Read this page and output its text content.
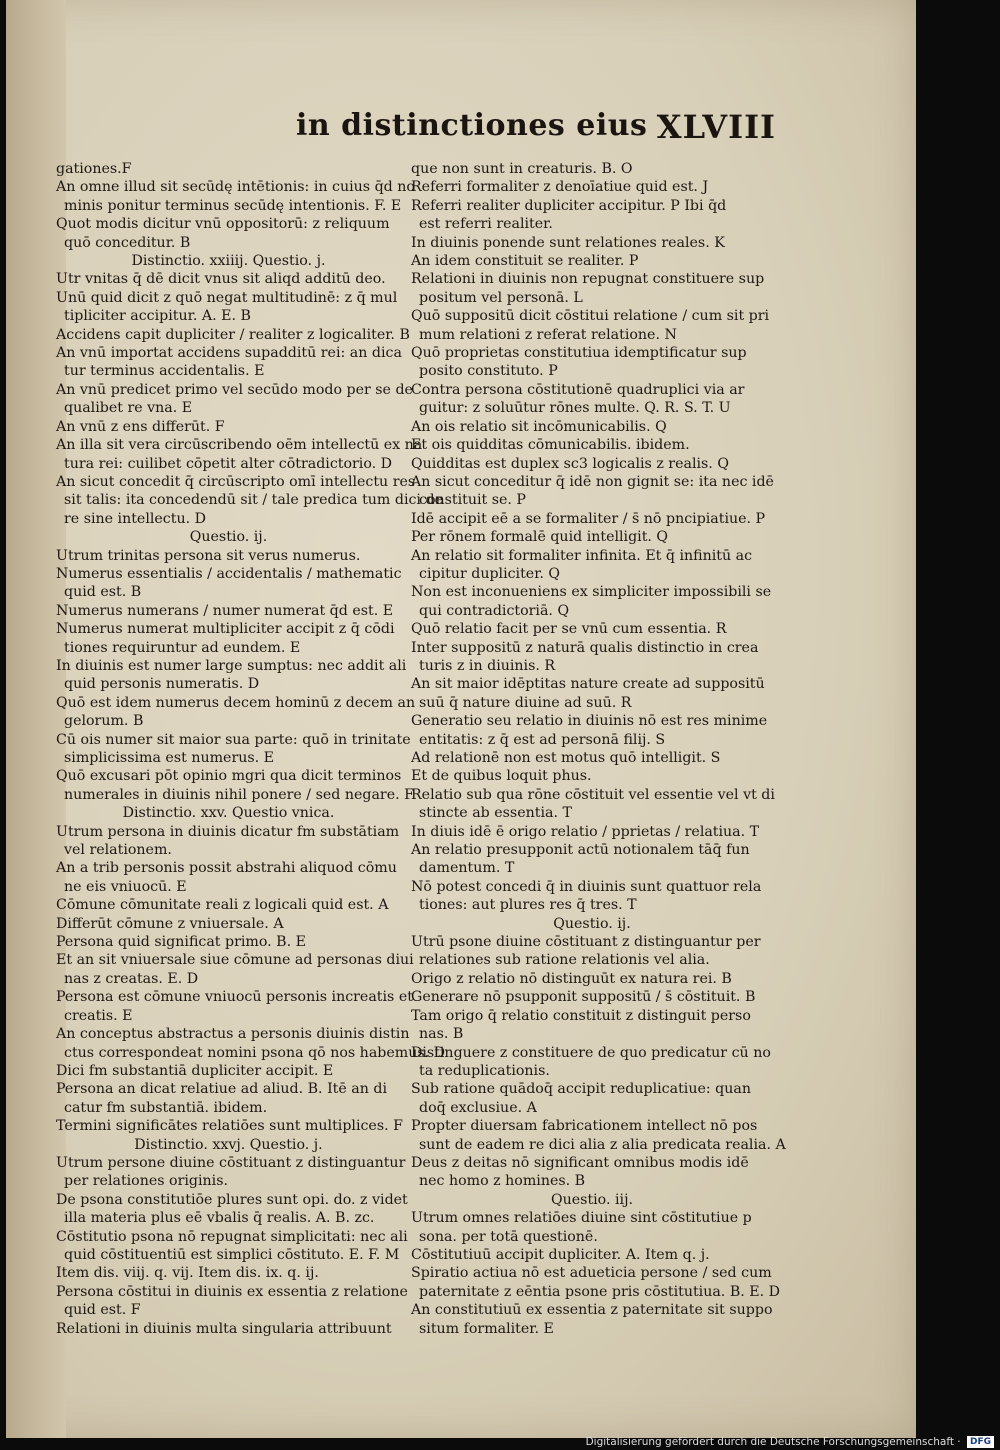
in distinctiones eius XLVIII
gationes.F
An omne illud sit secūdę intētionis: in cuius q̄d no
minis ponitur terminus secūdę intentionis. F. E
Quot modis dicitur vnū oppositorū: z reliquum
quō conceditur. B
Distinctio. xxiiij. Questio. j.
Utr vnitas q̄ dē dicit vnus sit aliqd additū deo.
Unū quid dicit z quō negat multitudinē: z q̄ mul
tipliciter accipitur. A. E. B
Accidens capit dupliciter / realiter z logicaliter. B
An vnū importat accidens supadditū rei: an dica
tur terminus accidentalis. E
An vnū predicet primo vel secūdo modo per se de
qualibet re vna. E
An vnū z ens differūt. F
An illa sit vera circūscribendo oēm intellectū ex na
tura rei: cuilibet cōpetit alter cōtradictorio. D
An sicut concedit q̄ circūscripto omī intellectu res
sit talis: ita concedendū sit / tale predica tum dici de
re sine intellectu. D
Questio. ij.
Utrum trinitas persona sit verus numerus.
Numerus essentialis / accidentalis / mathematic
quid est. B
Numerus numerans / numer numerat q̄d est. E
Numerus numerat multipliciter accipit z q̄ cōdi
tiones requiruntur ad eundem. E
In diuinis est numer large sumptus: nec addit ali
quid personis numeratis. D
Quō est idem numerus decem hominū z decem an
gelorum. B
Cū ois numer sit maior sua parte: quō in trinitate
simplicissima est numerus. E
Quō excusari pōt opinio mgri qua dicit terminos
numerales in diuinis nihil ponere / sed negare. F
Distinctio. xxv. Questio vnica.
Utrum persona in diuinis dicatur fm substātiam
vel relationem.
An a trib personis possit abstrahi aliquod cōmu
ne eis vniuocū. E
Cōmune cōmunitate reali z logicali quid est. A
Differūt cōmune z vniuersale. A
Persona quid significat primo. B. E
Et an sit vniuersale siue cōmune ad personas diui
nas z creatas. E. D
Persona est cōmune vniuocū personis increatis et
creatis. E
An conceptus abstractus a personis diuinis distin
ctus correspondeat nomini psona qō nos habemus. D
Dici fm substantiā dupliciter accipit. E
Persona an dicat relatiue ad aliud. B. Itē an di
catur fm substantiā. ibidem.
Termini significātes relatiōes sunt multiplices. F
Distinctio. xxvj. Questio. j.
Utrum persone diuine cōstituant z distinguantur
per relationes originis.
De psona constitutiōe plures sunt opi. do. z videt
illa materia plus eē vbalis q̄ realis. A. B. zc.
Cōstitutio psona nō repugnat simplicitati: nec ali
quid cōstituentiū est simplici cōstituto. E. F. M
Item dis. viij. q. vij. Item dis. ix. q. ij.
Persona cōstitui in diuinis ex essentia z relatione
quid est. F
Relationi in diuinis multa singularia attribuunt
que non sunt in creaturis. B. O
Referri formaliter z denoīatiue quid est. J
Referri realiter dupliciter accipitur. P Ibi q̄d
est referri realiter.
In diuinis ponende sunt relationes reales. K
An idem constituit se realiter. P
Relationi in diuinis non repugnat constituere sup
positum vel personā. L
Quō suppositū dicit cōstitui relatione / cum sit pri
mum relationi z referat relatione. N
Quō proprietas constitutiua idemptificatur sup
posito constituto. P
Contra persona cōstitutionē quadruplici via ar
guitur: z soluūtur rōnes multe. Q. R. S. T. U
An ois relatio sit incōmunicabilis. Q
Et ois quidditas cōmunicabilis. ibidem.
Quidditas est duplex sc3 logicalis z realis. Q
An sicut conceditur q̄ idē non gignit se: ita nec idē
constituit se. P
Idē accipit eē a se formaliter / s̄ nō pncipiatiue. P
Per rōnem formalē quid intelligit. Q
An relatio sit formaliter infinita. Et q̄ infinitū ac
cipitur dupliciter. Q
Non est inconueniens ex simpliciter impossibili se
qui contradictoriā. Q
Quō relatio facit per se vnū cum essentia. R
Inter suppositū z naturā qualis distinctio in crea
turis z in diuinis. R
An sit maior idēptitas nature create ad suppositū
suū q̄ nature diuine ad suū. R
Generatio seu relatio in diuinis nō est res minime
entitatis: z q̄ est ad personā filij. S
Ad relationē non est motus quō intelligit. S
Et de quibus loquit phus.
Relatio sub qua rōne cōstituit vel essentie vel vt di
stincte ab essentia. T
In diuis idē ē origo relatio / pprietas / relatiua. T
An relatio presupponit actū notionalem tāq̄ fun
damentum. T
Nō potest concedi q̄ in diuinis sunt quattuor rela
tiones: aut plures res q̄ tres. T
Questio. ij.
Utrū psone diuine cōstituant z distinguantur per
relationes sub ratione relationis vel alia.
Origo z relatio nō distinguūt ex natura rei. B
Generare nō psupponit suppositū / s̄ cōstituit. B
Tam origo q̄ relatio constituit z distinguit perso
nas. B
Distinguere z constituere de quo predicatur cū no
ta reduplicationis.
Sub ratione quādoq̄ accipit reduplicatiue: quan
doq̄ exclusiue. A
Propter diuersam fabricationem intellect nō pos
sunt de eadem re dici alia z alia predicata realia. A
Deus z deitas nō significant omnibus modis idē
nec homo z homines. B
Questio. iij.
Utrum omnes relatiōes diuine sint cōstitutiue p
sona. per totā questionē.
Cōstitutiuū accipit dupliciter. A. Item q. j.
Spiratio actiua nō est adueticia persone / sed cum
paternitate z eēntia psone pris cōstitutiua. B. E. D
An constitutiuū ex essentia z paternitate sit suppo
situm formaliter. E
Digitalisierung gefördert durch die Deutsche Forschungsgemeinschaft · DFG
